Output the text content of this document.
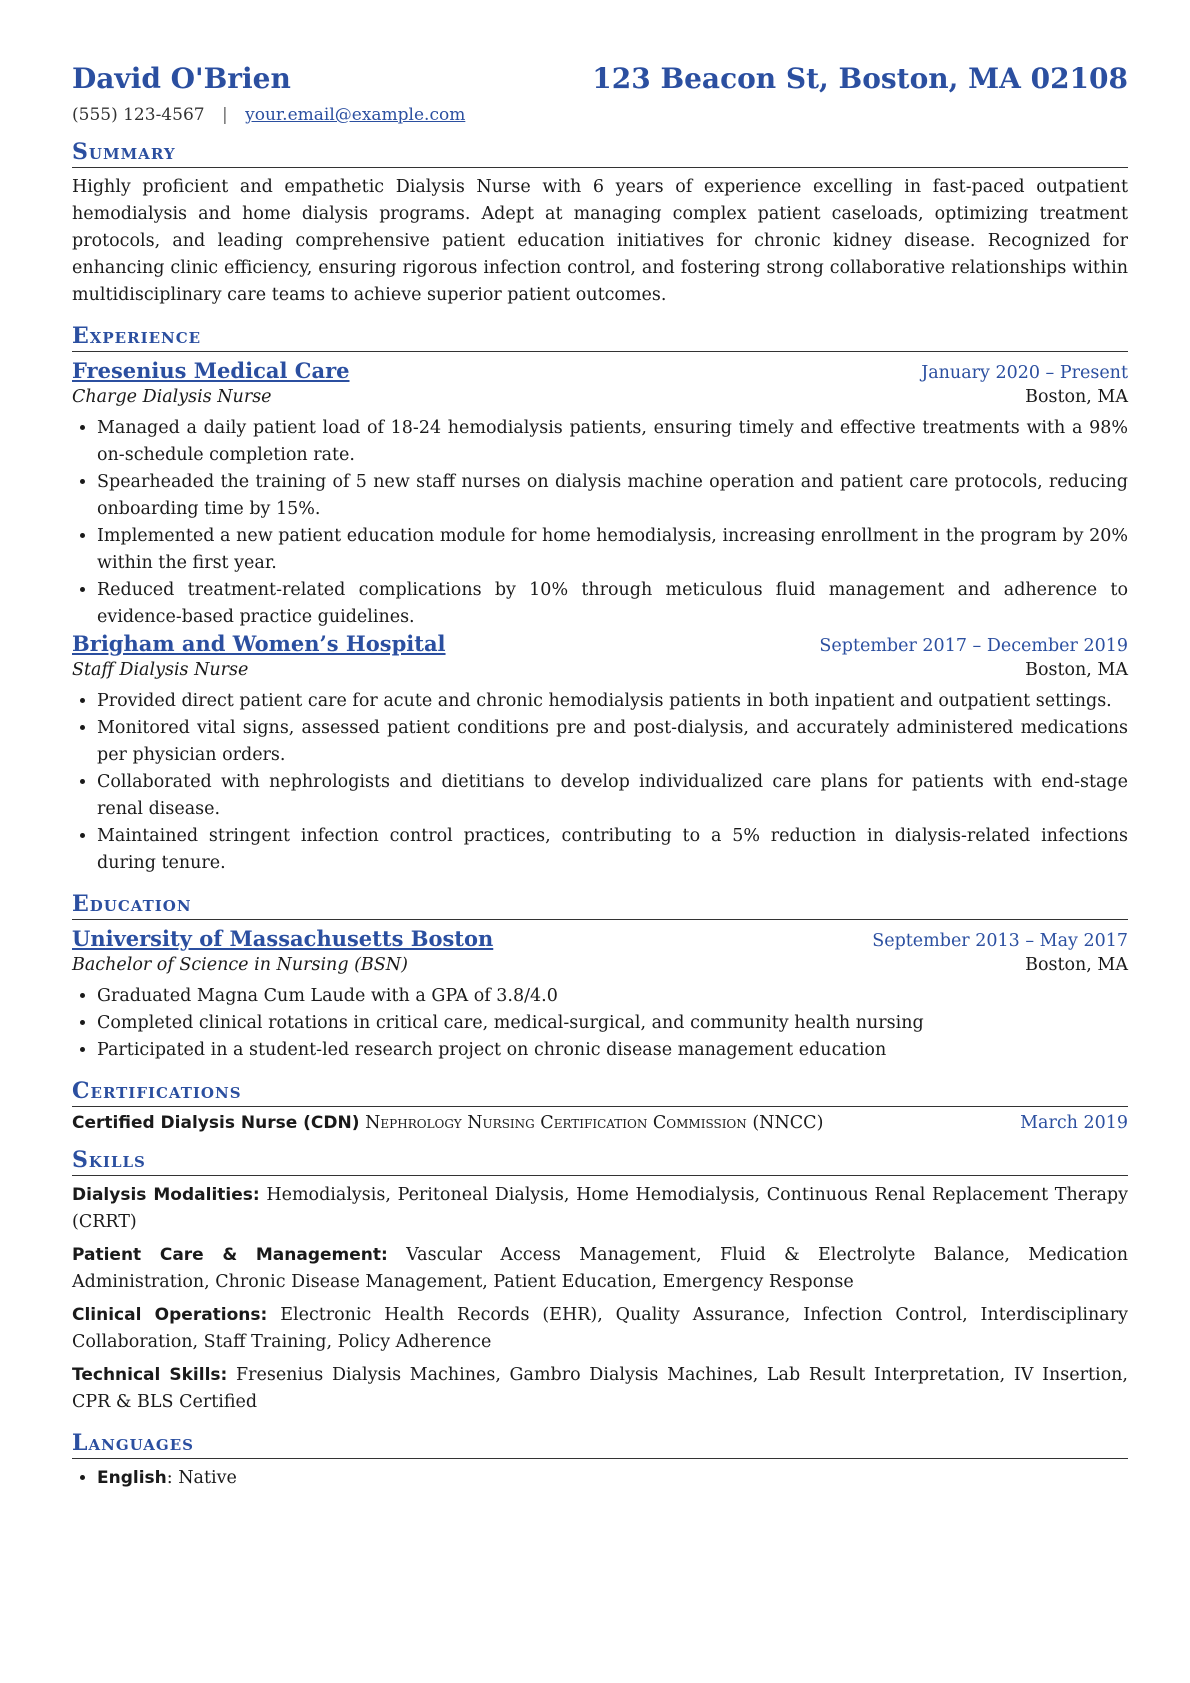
David O'Brien	123 Beacon St, Boston, MA 02108
(555) 123-4567 | your.email@example.com
Summary

Highly proficient and empathetic Dialysis Nurse with 6 years of experience excelling in fast-paced outpatient hemodialysis and home dialysis programs. Adept at managing complex patient caseloads, optimizing treatment protocols, and leading comprehensive patient education initiatives for chronic kidney disease. Recognized for enhancing clinic efficiency, ensuring rigorous infection control, and fostering strong collaborative relationships within multidisciplinary care teams to achieve superior patient outcomes.

Experience
Fresenius Medical Care	January 2020 – Present
Charge Dialysis Nurse	Boston, MA
• Managed a daily patient load of 18-24 hemodialysis patients, ensuring timely and effective treatments with a 98% on-schedule completion rate.
• Spearheaded the training of 5 new staff nurses on dialysis machine operation and patient care protocols, reducing onboarding time by 15%.
• Implemented a new patient education module for home hemodialysis, increasing enrollment in the program by 20% within the first year.
• Reduced treatment-related complications by 10% through meticulous fluid management and adherence to evidence-based practice guidelines.
Brigham and Women’s Hospital	September 2017 – December 2019
Staff Dialysis Nurse	Boston, MA
• Provided direct patient care for acute and chronic hemodialysis patients in both inpatient and outpatient settings.
• Monitored vital signs, assessed patient conditions pre and post-dialysis, and accurately administered medications per physician orders.
• Collaborated with nephrologists and dietitians to develop individualized care plans for patients with end-stage renal disease.
• Maintained stringent infection control practices, contributing to a 5% reduction in dialysis-related infections during tenure.
Education
University of Massachusetts Boston	September 2013 – May 2017
Bachelor of Science in Nursing (BSN)	Boston, MA
• Graduated Magna Cum Laude with a GPA of 3.8/4.0
• Completed clinical rotations in critical care, medical-surgical, and community health nursing
• Participated in a student-led research project on chronic disease management education
Certifications
Certified Dialysis Nurse (CDN) Nephrology Nursing Certification Commission (NNCC)	March 2019
Skills
Dialysis Modalities: Hemodialysis, Peritoneal Dialysis, Home Hemodialysis, Continuous Renal Replacement Therapy (CRRT)
Patient Care & Management: Vascular Access Management, Fluid & Electrolyte Balance, Medication Administration, Chronic Disease Management, Patient Education, Emergency Response
Clinical Operations: Electronic Health Records (EHR), Quality Assurance, Infection Control, Interdisciplinary Collaboration, Staff Training, Policy Adherence
Technical Skills: Fresenius Dialysis Machines, Gambro Dialysis Machines, Lab Result Interpretation, IV Insertion, CPR & BLS Certified
Languages
• English: Native
